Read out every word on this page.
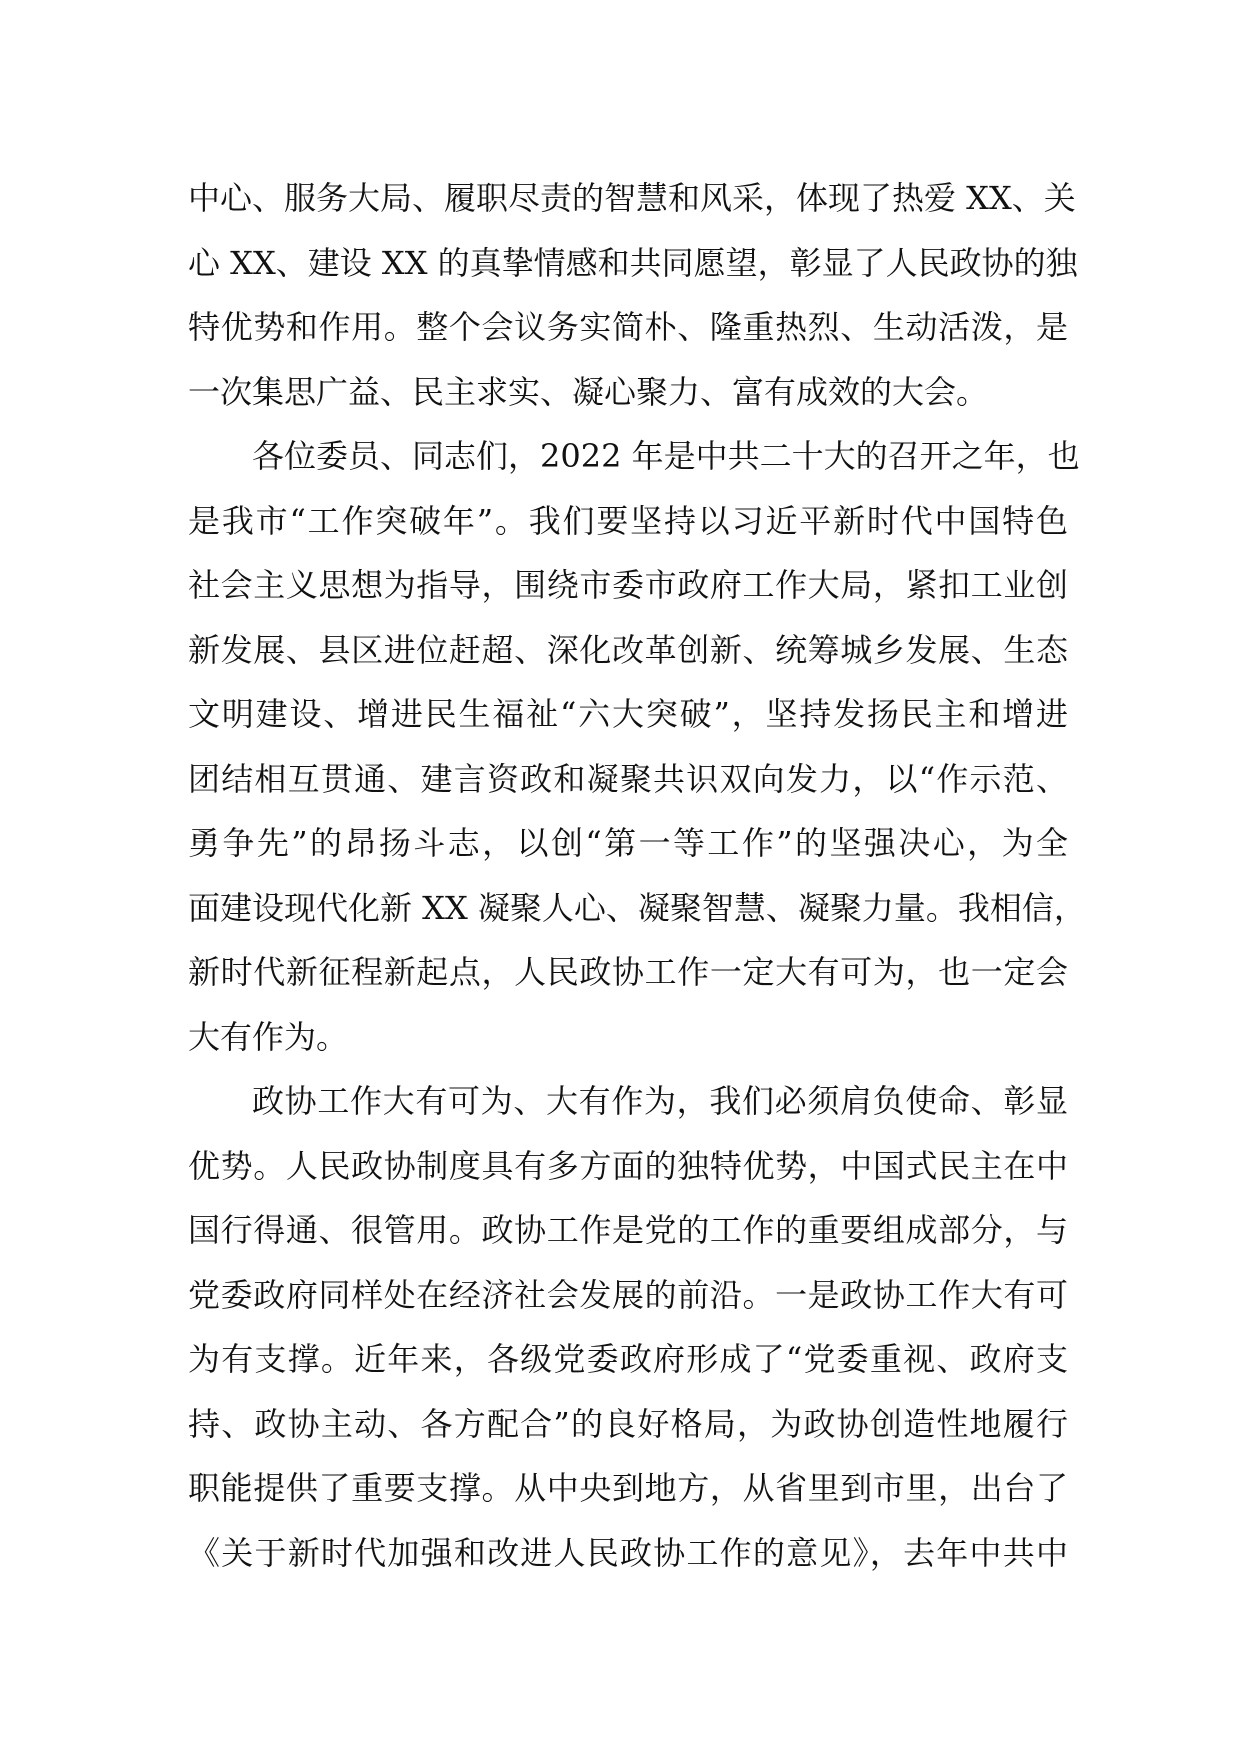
中心、服务大局、履职尽责的智慧和风采，体现了热爱 XX、关
心 XX、建设 XX 的真挚情感和共同愿望，彰显了人民政协的独
特优势和作用。整个会议务实简朴、隆重热烈、生动活泼，是
一次集思广益、民主求实、凝心聚力、富有成效的大会。
各位委员、同志们，2022 年是中共二十大的召开之年，也
是我市“工作突破年”。我们要坚持以习近平新时代中国特色
社会主义思想为指导，围绕市委市政府工作大局，紧扣工业创
新发展、县区进位赶超、深化改革创新、统筹城乡发展、生态
文明建设、增进民生福祉“六大突破”，坚持发扬民主和增进
团结相互贯通、建言资政和凝聚共识双向发力，以“作示范、
勇争先”的昂扬斗志，以创“第一等工作”的坚强决心，为全
面建设现代化新 XX 凝聚人心、凝聚智慧、凝聚力量。我相信，
新时代新征程新起点，人民政协工作一定大有可为，也一定会
大有作为。
政协工作大有可为、大有作为，我们必须肩负使命、彰显
优势。人民政协制度具有多方面的独特优势，中国式民主在中
国行得通、很管用。政协工作是党的工作的重要组成部分，与
党委政府同样处在经济社会发展的前沿。一是政协工作大有可
为有支撑。近年来，各级党委政府形成了“党委重视、政府支
持、政协主动、各方配合”的良好格局，为政协创造性地履行
职能提供了重要支撑。从中央到地方，从省里到市里，出台了
《关于新时代加强和改进人民政协工作的意见》，去年中共中
